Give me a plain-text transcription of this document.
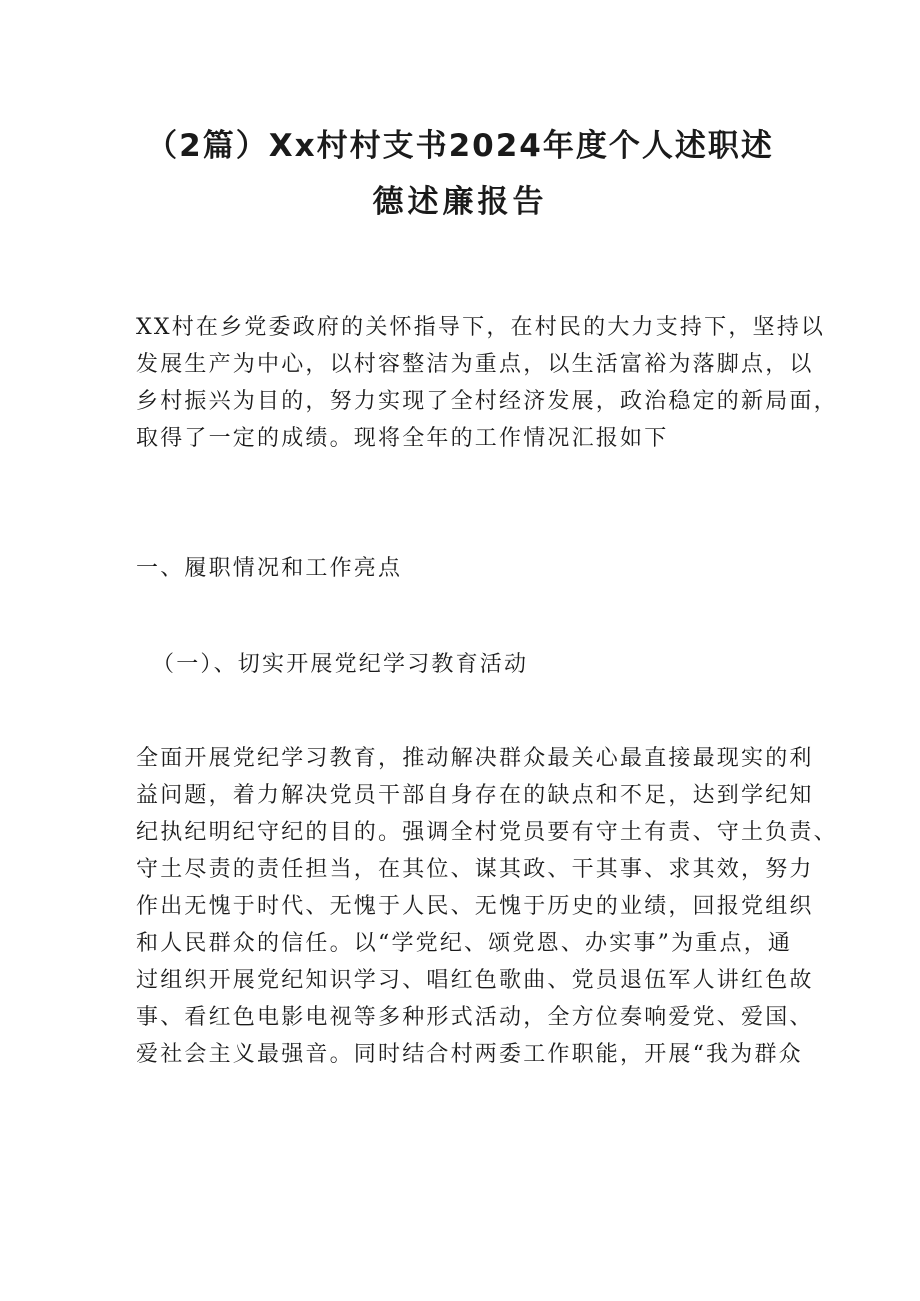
（2篇）Xx村村支书2024年度个人述职述
德述廉报告
XX村在乡党委政府的关怀指导下，在村民的大力支持下，坚持以
发展生产为中心，以村容整洁为重点，以生活富裕为落脚点，以
乡村振兴为目的，努力实现了全村经济发展，政治稳定的新局面，
取得了一定的成绩。现将全年的工作情况汇报如下
一、履职情况和工作亮点
（一）、切实开展党纪学习教育活动
全面开展党纪学习教育，推动解决群众最关心最直接最现实的利
益问题，着力解决党员干部自身存在的缺点和不足，达到学纪知
纪执纪明纪守纪的目的。强调全村党员要有守土有责、守土负责、
守土尽责的责任担当，在其位、谋其政、干其事、求其效，努力
作出无愧于时代、无愧于人民、无愧于历史的业绩，回报党组织
和人民群众的信任。以“学党纪、颂党恩、办实事”为重点，通
过组织开展党纪知识学习、唱红色歌曲、党员退伍军人讲红色故
事、看红色电影电视等多种形式活动，全方位奏响爱党、爱国、
爱社会主义最强音。同时结合村两委工作职能，开展“我为群众
